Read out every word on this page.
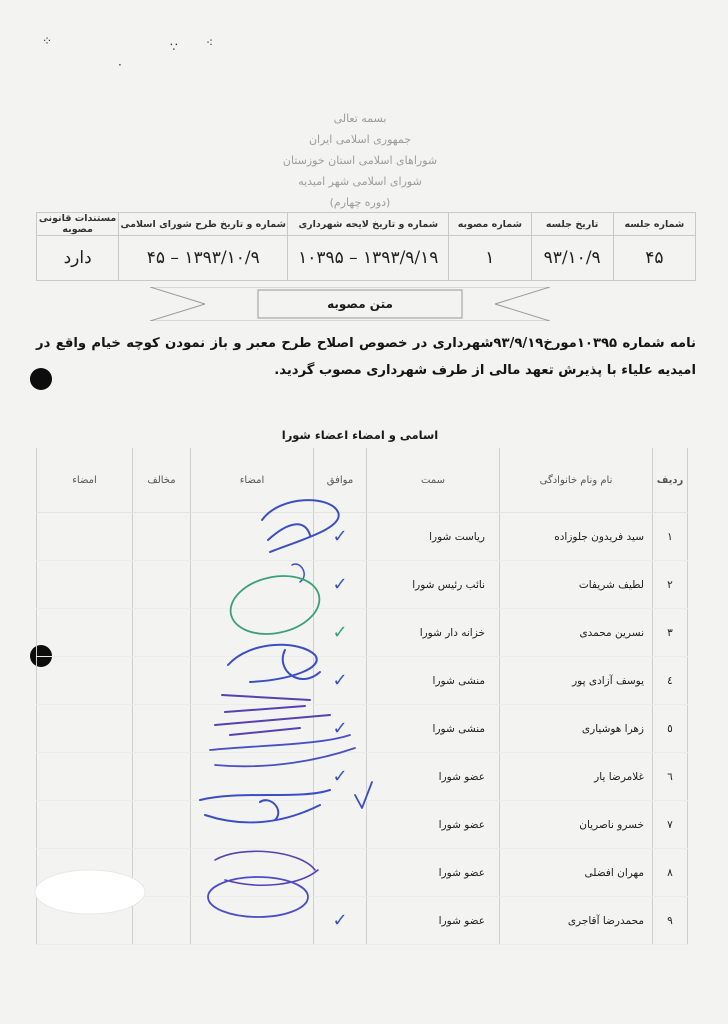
⁘
·
∵ ⁖
بسمه تعالی
جمهوری اسلامی ایران
شوراهای اسلامی استان خوزستان
شورای اسلامی شهر امیدیه
(دوره چهارم)
شماره جلسه	تاریخ جلسه	شماره مصوبه	شماره و تاریخ لایحه شهرداری	شماره و تاریخ طرح شورای اسلامی	مستندات قانونی مصوبه
۴۵	۹۳/۱۰/۹	۱	۱۳۹۳/۹/۱۹ – ۱۰۳۹۵	۱۳۹۳/۱۰/۹ – ۴۵	دارد
متن مصوبه
نامه شماره ۱۰۳۹۵مورخ۹۳/۹/۱۹شهرداری در خصوص اصلاح طرح معبر و باز نمودن کوچه خیام واقع در امیدیه علیاء با پذیرش تعهد مالی از طرف شهرداری مصوب گردید.
اسامی و امضاء اعضاء شورا
ردیف	نام ونام خانوادگی	سمت	موافق	امضاء	مخالف	امضاء
۱	سید فریدون جلوزاده	ریاست شورا	✓			
۲	لطیف شریفات	نائب رئیس شورا	✓			
۳	نسرین محمدی	خزانه دار شورا	✓			
٤	یوسف آزادی پور	منشی شورا	✓			
٥	زهرا هوشیاری	منشی شورا	✓			
٦	غلامرضا یار	عضو شورا	✓			
٧	خسرو ناصریان	عضو شورا				
٨	مهران افضلی	عضو شورا				
٩	محمدرضا آقاجری	عضو شورا	✓			
